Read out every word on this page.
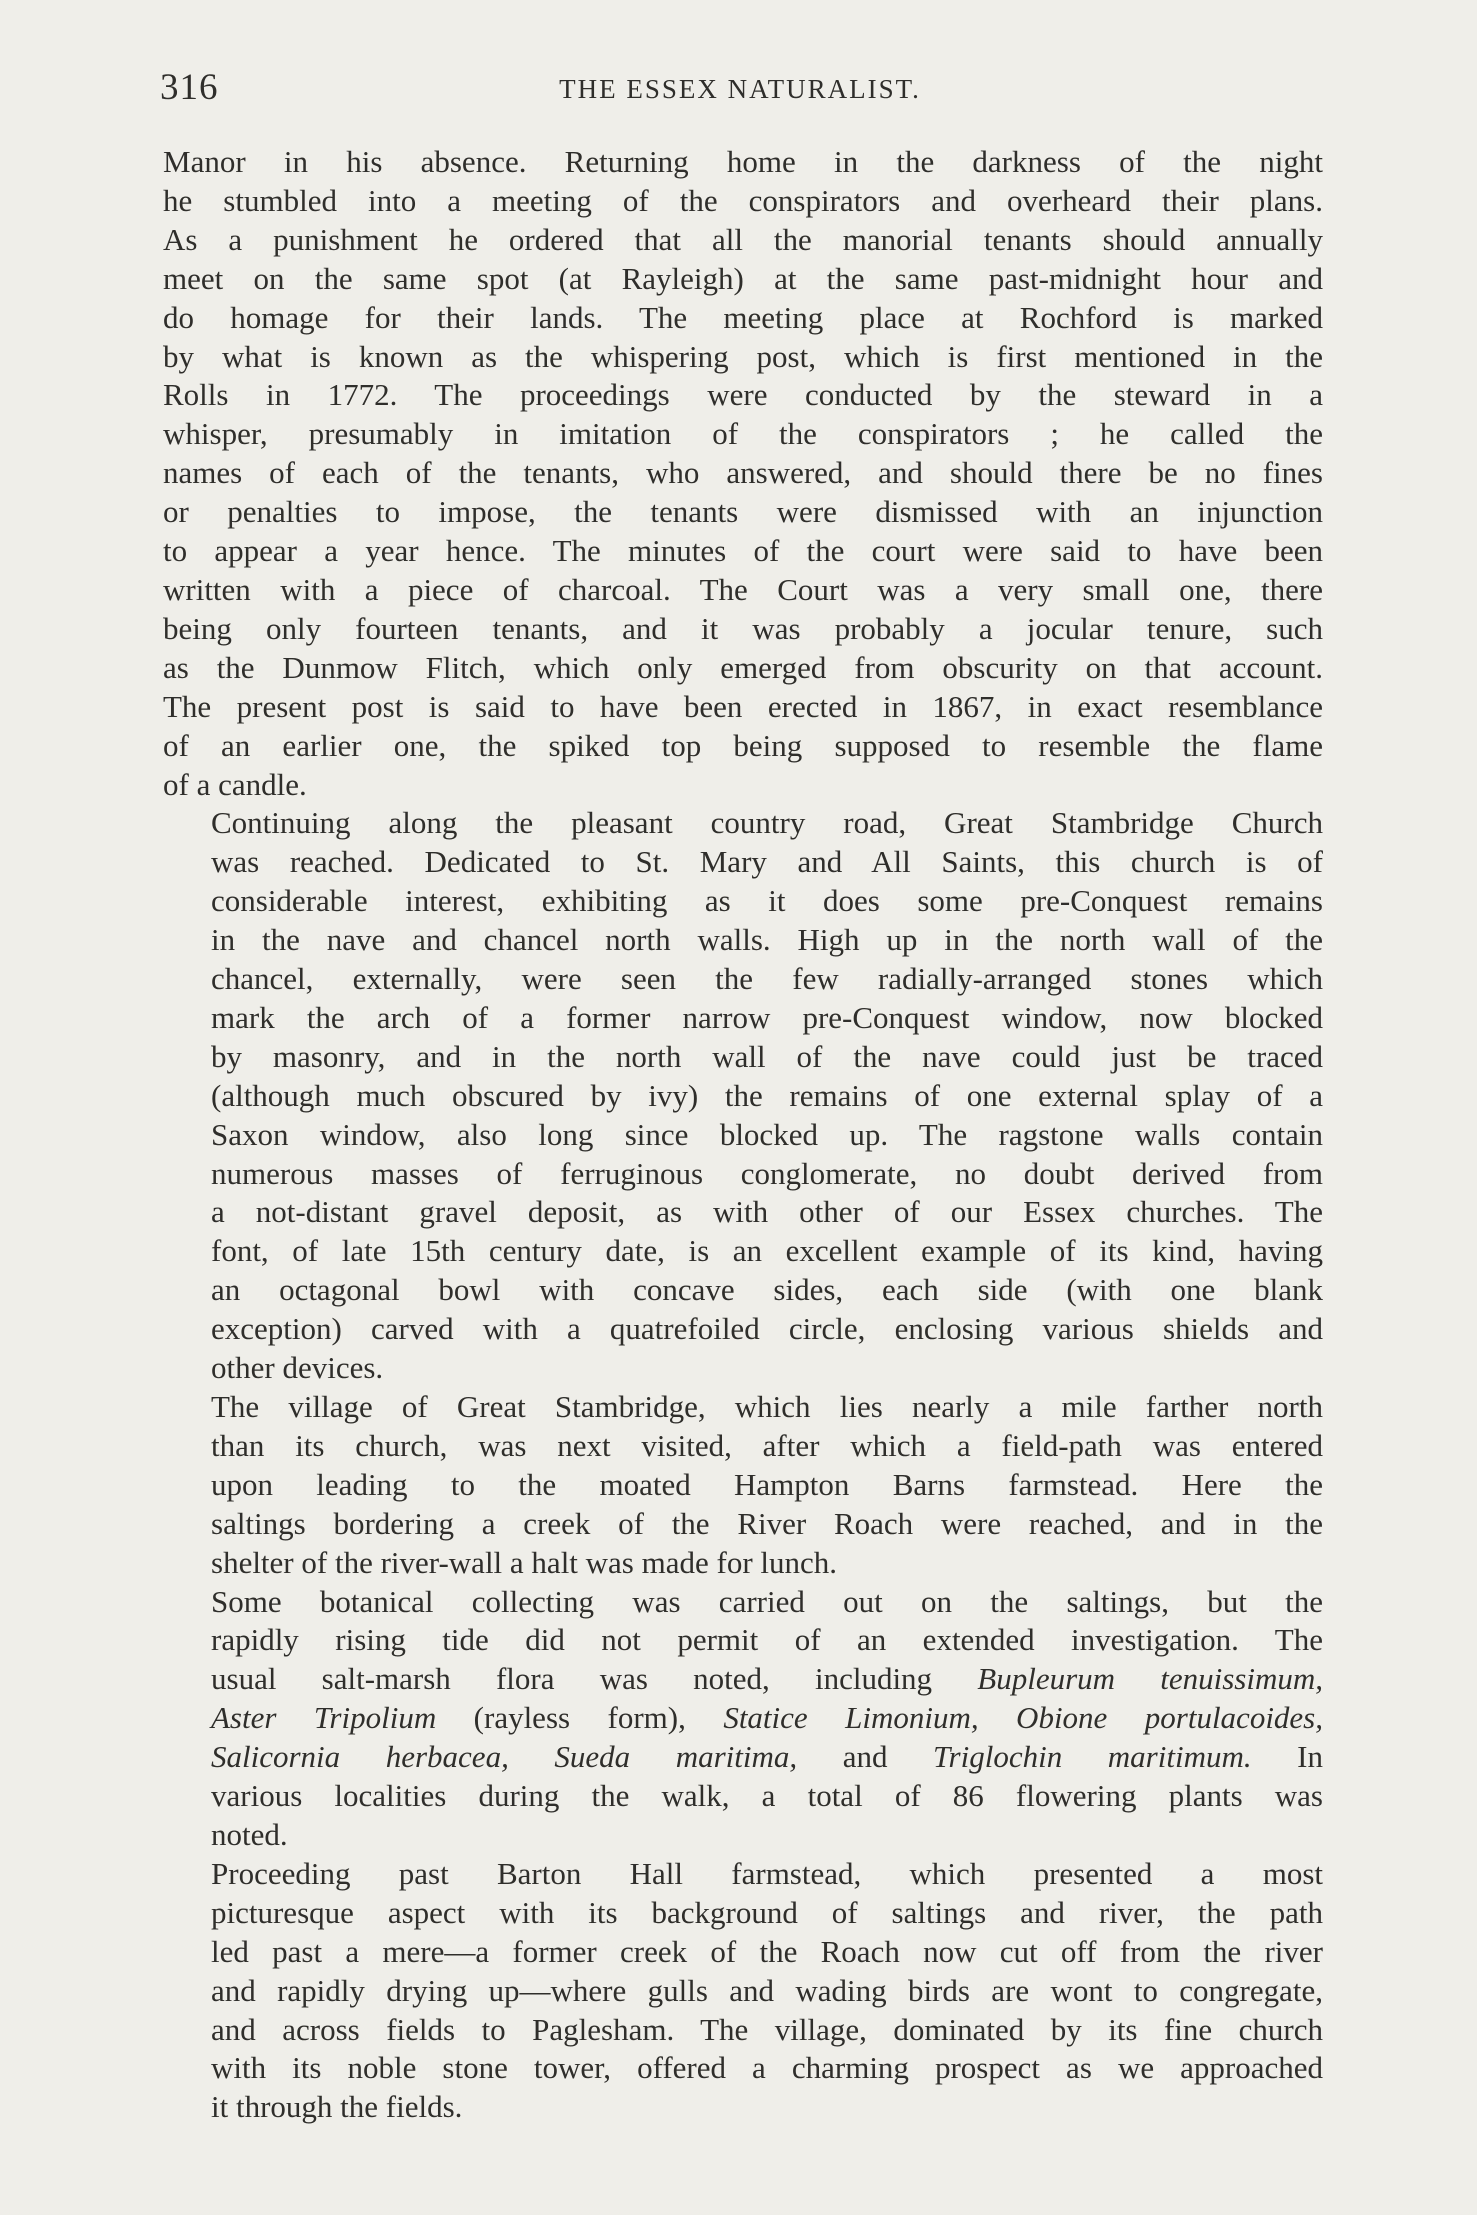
316	THE ESSEX NATURALIST.
Manor in his absence. Returning home in the darkness of the night
he stumbled into a meeting of the conspirators and overheard their plans.
As a punishment he ordered that all the manorial tenants should annually
meet on the same spot (at Rayleigh) at the same past-midnight hour and
do homage for their lands. The meeting place at Rochford is marked
by what is known as the whispering post, which is first mentioned in the
Rolls in 1772. The proceedings were conducted by the steward in a
whisper, presumably in imitation of the conspirators ; he called the
names of each of the tenants, who answered, and should there be no fines
or penalties to impose, the tenants were dismissed with an injunction
to appear a year hence. The minutes of the court were said to have been
written with a piece of charcoal. The Court was a very small one, there
being only fourteen tenants, and it was probably a jocular tenure, such
as the Dunmow Flitch, which only emerged from obscurity on that account.
The present post is said to have been erected in 1867, in exact resemblance
of an earlier one, the spiked top being supposed to resemble the flame
of a candle.
Continuing along the pleasant country road, Great Stambridge Church
was reached. Dedicated to St. Mary and All Saints, this church is of
considerable interest, exhibiting as it does some pre-Conquest remains
in the nave and chancel north walls. High up in the north wall of the
chancel, externally, were seen the few radially-arranged stones which
mark the arch of a former narrow pre-Conquest window, now blocked
by masonry, and in the north wall of the nave could just be traced
(although much obscured by ivy) the remains of one external splay of a
Saxon window, also long since blocked up. The ragstone walls contain
numerous masses of ferruginous conglomerate, no doubt derived from
a not-distant gravel deposit, as with other of our Essex churches. The
font, of late 15th century date, is an excellent example of its kind, having
an octagonal bowl with concave sides, each side (with one blank
exception) carved with a quatrefoiled circle, enclosing various shields and
other devices.
The village of Great Stambridge, which lies nearly a mile farther north
than its church, was next visited, after which a field-path was entered
upon leading to the moated Hampton Barns farmstead. Here the
saltings bordering a creek of the River Roach were reached, and in the
shelter of the river-wall a halt was made for lunch.
Some botanical collecting was carried out on the saltings, but the
rapidly rising tide did not permit of an extended investigation. The
usual salt-marsh flora was noted, including Bupleurum tenuissimum,
Aster Tripolium (rayless form), Statice Limonium, Obione portulacoides,
Salicornia herbacea, Sueda maritima, and Triglochin maritimum. In
various localities during the walk, a total of 86 flowering plants was
noted.
Proceeding past Barton Hall farmstead, which presented a most
picturesque aspect with its background of saltings and river, the path
led past a mere—a former creek of the Roach now cut off from the river
and rapidly drying up—where gulls and wading birds are wont to congregate,
and across fields to Paglesham. The village, dominated by its fine church
with its noble stone tower, offered a charming prospect as we approached
it through the fields.
